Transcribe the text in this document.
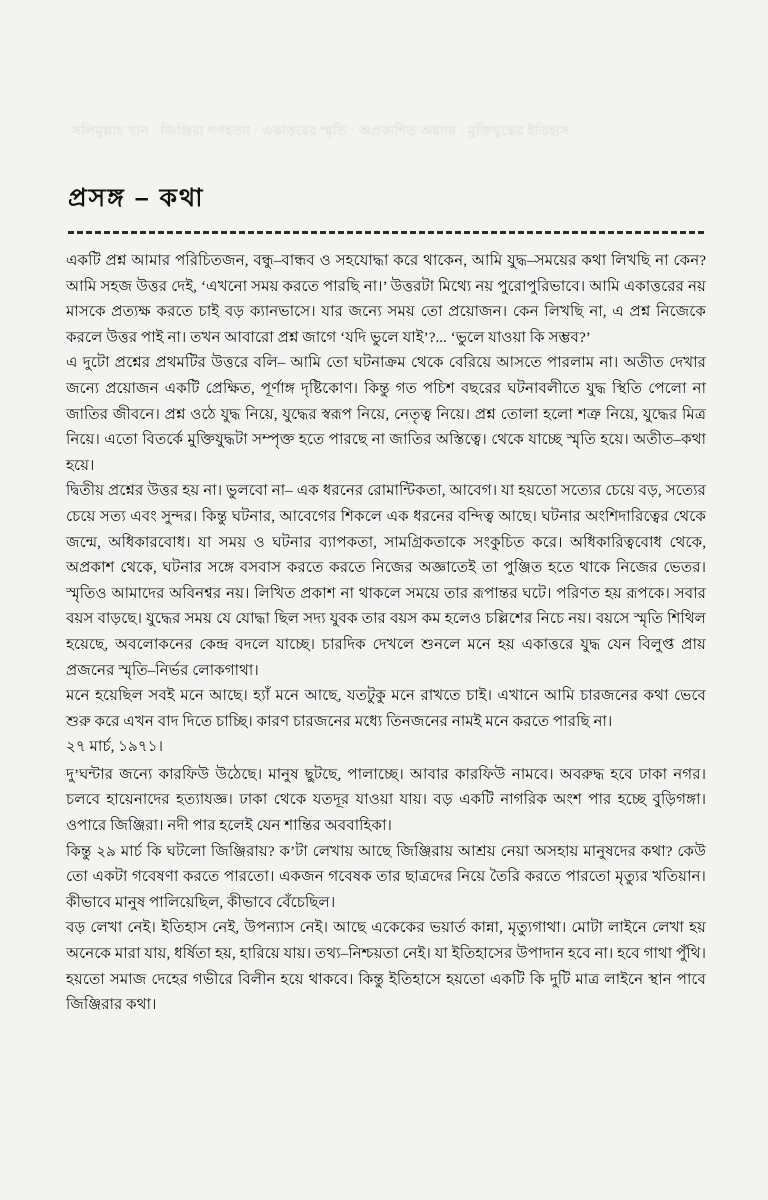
সলিমুল্লাহ খান · জিঞ্জিরা গণহত্যা · একাত্তরের স্মৃতি · অপ্রকাশিত অধ্যায় · মুক্তিযুদ্ধের ইতিহাস
প্রসঙ্গ – কথা

একটি প্রশ্ন আমার পরিচিতজন, বন্ধু–বান্ধব ও সহযোদ্ধা করে থাকেন, আমি যুদ্ধ–সময়ের কথা লিখছি না কেন? আমি সহজ উত্তর দেই, ‘এখনো সময় করতে পারছি না।’ উত্তরটা মিথ্যে নয় পুরোপুরিভাবে। আমি একাত্তরের নয় মাসকে প্রত্যক্ষ করতে চাই বড় ক্যানভাসে। যার জন্যে সময় তো প্রয়োজন। কেন লিখছি না, এ প্রশ্ন নিজেকে করলে উত্তর পাই না। তখন আবারো প্রশ্ন জাগে ‘যদি ভুলে যাই’?... ‘ভুলে যাওয়া কি সম্ভব?’

এ দুটো প্রশ্নের প্রথমটির উত্তরে বলি– আমি তো ঘটনাক্রম থেকে বেরিয়ে আসতে পারলাম না। অতীত দেখার জন্যে প্রয়োজন একটি প্রেক্ষিত, পূর্ণাঙ্গ দৃষ্টিকোণ। কিন্তু গত পচিশ বছরের ঘটনাবলীতে যুদ্ধ স্থিতি পেলো না জাতির জীবনে। প্রশ্ন ওঠে যুদ্ধ নিয়ে, যুদ্ধের স্বরূপ নিয়ে, নেতৃত্ব নিয়ে। প্রশ্ন তোলা হলো শত্রু নিয়ে, যুদ্ধের মিত্র নিয়ে। এতো বিতর্কে মুক্তিযুদ্ধটা সম্পৃক্ত হতে পারছে না জাতির অস্তিত্বে। থেকে যাচ্ছে স্মৃতি হয়ে। অতীত–কথা হয়ে।

দ্বিতীয় প্রশ্নের উত্তর হয় না। ভুলবো না– এক ধরনের রোমান্টিকতা, আবেগ। যা হয়তো সত্যের চেয়ে বড়, সত্যের চেয়ে সত্য এবং সুন্দর। কিন্তু ঘটনার, আবেগের শিকলে এক ধরনের বন্দিত্ব আছে। ঘটনার অংশিদারিত্বের থেকে জন্মে, অধিকারবোধ। যা সময় ও ঘটনার ব্যাপকতা, সামগ্রিকতাকে সংকুচিত করে। অধিকারিত্ববোধ থেকে, অপ্রকাশ থেকে, ঘটনার সঙ্গে বসবাস করতে করতে নিজের অজ্ঞাতেই তা পুঞ্জিত হতে থাকে নিজের ভেতর। স্মৃতিও আমাদের অবিনশ্বর নয়। লিখিত প্রকাশ না থাকলে সময়ে তার রূপান্তর ঘটে। পরিণত হয় রূপকে। সবার বয়স বাড়ছে। যুদ্ধের সময় যে যোদ্ধা ছিল সদ্য যুবক তার বয়স কম হলেও চল্লিশের নিচে নয়। বয়সে স্মৃতি শিথিল হয়েছে, অবলোকনের কেন্দ্র বদলে যাচ্ছে। চারদিক দেখলে শুনলে মনে হয় একাত্তরে যুদ্ধ যেন বিলুপ্ত প্রায় প্রজনের স্মৃতি–নির্ভর লোকগাথা।

মনে হয়েছিল সবই মনে আছে। হ্যাঁ মনে আছে, যতটুকু মনে রাখতে চাই। এখানে আমি চারজনের কথা ভেবে শুরু করে এখন বাদ দিতে চাচ্ছি। কারণ চারজনের মধ্যে তিনজনের নামই মনে করতে পারছি না।

২৭ মার্চ, ১৯৭১।

দু’ঘন্টার জন্যে কারফিউ উঠেছে। মানুষ ছুটছে, পালাচ্ছে। আবার কারফিউ নামবে। অবরুদ্ধ হবে ঢাকা নগর। চলবে হায়েনাদের হত্যাযজ্ঞ। ঢাকা থেকে যতদূর যাওয়া যায়। বড় একটি নাগরিক অংশ পার হচ্ছে বুড়িগঙ্গা। ওপারে জিঞ্জিরা। নদী পার হলেই যেন শান্তির অববাহিকা।

কিন্তু ২৯ মার্চ কি ঘটলো জিঞ্জিরায়? ক’টা লেখায় আছে জিঞ্জিরায় আশ্রয় নেয়া অসহায় মানুষদের কথা? কেউ তো একটা গবেষণা করতে পারতো। একজন গবেষক তার ছাত্রদের নিয়ে তৈরি করতে পারতো মৃত্যুর খতিয়ান। কীভাবে মানুষ পালিয়েছিল, কীভাবে বেঁচেছিল।

বড় লেখা নেই। ইতিহাস নেই, উপন্যাস নেই। আছে একেকের ভয়ার্ত কান্না, মৃত্যুগাথা। মোটা লাইনে লেখা হয় অনেকে মারা যায়, ধর্ষিতা হয়, হারিয়ে যায়। তথ্য–নিশ্চয়তা নেই। যা ইতিহাসের উপাদান হবে না। হবে গাথা পুঁথি। হয়তো সমাজ দেহের গভীরে বিলীন হয়ে থাকবে। কিন্তু ইতিহাসে হয়তো একটি কি দুটি মাত্র লাইনে স্থান পাবে জিঞ্জিরার কথা।
